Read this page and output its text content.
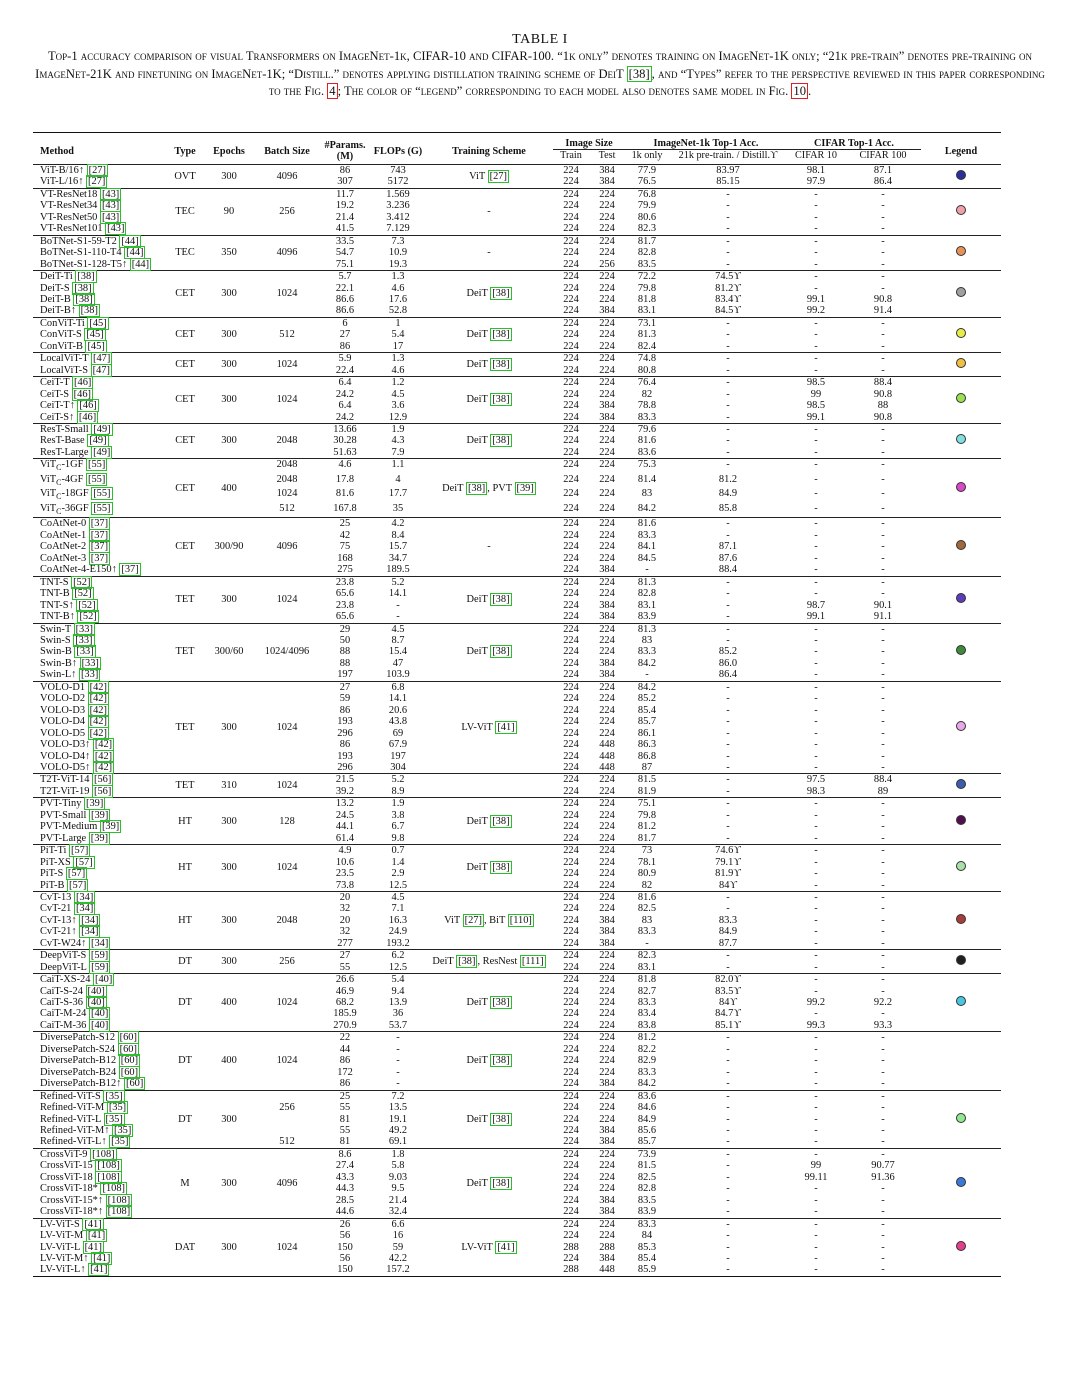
TABLE I
Top-1 accuracy comparison of visual Transformers on ImageNet-1k, CIFAR-10 and CIFAR-100. “1k only” denotes training on ImageNet-1K only; “21k pre-train” denotes pre-training on ImageNet-21K and finetuning on ImageNet-1K; “Distill.” denotes applying distillation training scheme of DeiT [38] , and “Types” refer to the perspective reviewed in this paper corresponding to the Fig. 4 ; The color of “legend” corresponding to each model also denotes same model in Fig. 10 .
Method	Type	Epochs	Batch Size	#Params. (M)	FLOPs (G)	Training Scheme	Image Size		ImageNet-1k Top-1 Acc.		CIFAR Top-1 Acc.		Legend
							Train	Test	1k only	21k pre-train. / Distill.ϒ	CIFAR 10	CIFAR 100	
ViT-B/16↑ [27]	OVT	300	4096	86	743	ViT [27]	224	384	77.9	83.97	98.1	87.1	
ViT-L/16↑ [27]				307	5172		224	384	76.5	85.15	97.9	86.4	
VT-ResNet18 [43]	TEC	90	256	11.7	1.569	-	224	224	76.8	-	-	-	
VT-ResNet34 [43]				19.2	3.236		224	224	79.9	-	-	-	
VT-ResNet50 [43]				21.4	3.412		224	224	80.6	-	-	-	
VT-ResNet101 [43]				41.5	7.129		224	224	82.3	-	-	-	
BoTNet-S1-59-T2 [44]	TEC	350	4096	33.5	7.3	-	224	224	81.7	-	-	-	
BoTNet-S1-110-T4 [44]				54.7	10.9		224	224	82.8	-	-	-	
BoTNet-S1-128-T5↑ [44]				75.1	19.3		224	256	83.5	-	-	-	
DeiT-Ti [38]	CET	300	1024	5.7	1.3	DeiT [38]	224	224	72.2	74.5ϒ	-	-	
DeiT-S [38]				22.1	4.6		224	224	79.8	81.2ϒ	-	-	
DeiT-B [38]				86.6	17.6		224	224	81.8	83.4ϒ	99.1	90.8	
DeiT-B↑ [38]				86.6	52.8		224	384	83.1	84.5ϒ	99.2	91.4	
ConViT-Ti [45]	CET	300	512	6	1	DeiT [38]	224	224	73.1	-	-	-	
ConViT-S [45]				27	5.4		224	224	81.3	-	-	-	
ConViT-B [45]				86	17		224	224	82.4	-	-	-	
LocalViT-T [47]	CET	300	1024	5.9	1.3	DeiT [38]	224	224	74.8	-	-	-	
LocalViT-S [47]				22.4	4.6		224	224	80.8	-	-	-	
CeiT-T [46]	CET	300	1024	6.4	1.2	DeiT [38]	224	224	76.4	-	98.5	88.4	
CeiT-S [46]				24.2	4.5		224	224	82	-	99	90.8	
CeiT-T↑ [46]				6.4	3.6		224	384	78.8	-	98.5	88	
CeiT-S↑ [46]				24.2	12.9		224	384	83.3	-	99.1	90.8	
ResT-Small [49]	CET	300	2048	13.66	1.9	DeiT [38]	224	224	79.6	-	-	-	
ResT-Base [49]				30.28	4.3		224	224	81.6	-	-	-	
ResT-Large [49]				51.63	7.9		224	224	83.6	-	-	-	
ViT$_C$-1GF [55]	CET	400	2048	4.6	1.1	DeiT [38] , PVT [39]	224	224	75.3	-	-	-	
ViT$_C$-4GF [55]			2048	17.8	4		224	224	81.4	81.2	-	-	
ViT$_C$-18GF [55]			1024	81.6	17.7		224	224	83	84.9	-	-	
ViT$_C$-36GF [55]			512	167.8	35		224	224	84.2	85.8	-	-	
CoAtNet-0 [37]	CET	300/90	4096	25	4.2	-	224	224	81.6	-	-	-	
CoAtNet-1 [37]				42	8.4		224	224	83.3	-	-	-	
CoAtNet-2 [37]				75	15.7		224	224	84.1	87.1	-	-	
CoAtNet-3 [37]				168	34.7		224	224	84.5	87.6	-	-	
CoAtNet-4-E150↑ [37]				275	189.5		224	384	-	88.4	-	-	
TNT-S [52]	TET	300	1024	23.8	5.2	DeiT [38]	224	224	81.3	-	-	-	
TNT-B [52]				65.6	14.1		224	224	82.8	-	-	-	
TNT-S↑ [52]				23.8	-		224	384	83.1	-	98.7	90.1	
TNT-B↑ [52]				65.6	-		224	384	83.9	-	99.1	91.1	
Swin-T [33]	TET	300/60	1024/4096	29	4.5	DeiT [38]	224	224	81.3	-	-	-	
Swin-S [33]				50	8.7		224	224	83	-	-	-	
Swin-B [33]				88	15.4		224	224	83.3	85.2	-	-	
Swin-B↑ [33]				88	47		224	384	84.2	86.0	-	-	
Swin-L↑ [33]				197	103.9		224	384	-	86.4	-	-	
VOLO-D1 [42]	TET	300	1024	27	6.8	LV-ViT [41]	224	224	84.2	-	-	-	
VOLO-D2 [42]				59	14.1		224	224	85.2	-	-	-	
VOLO-D3 [42]				86	20.6		224	224	85.4	-	-	-	
VOLO-D4 [42]				193	43.8		224	224	85.7	-	-	-	
VOLO-D5 [42]				296	69		224	224	86.1	-	-	-	
VOLO-D3↑ [42]				86	67.9		224	448	86.3	-	-	-	
VOLO-D4↑ [42]				193	197		224	448	86.8	-	-	-	
VOLO-D5↑ [42]				296	304		224	448	87	-	-	-	
T2T-ViT-14 [56]	TET	310	1024	21.5	5.2		224	224	81.5	-	97.5	88.4	
T2T-ViT-19 [56]				39.2	8.9		224	224	81.9	-	98.3	89	
PVT-Tiny [39]	HT	300	128	13.2	1.9	DeiT [38]	224	224	75.1	-	-	-	
PVT-Small [39]				24.5	3.8		224	224	79.8	-	-	-	
PVT-Medium [39]				44.1	6.7		224	224	81.2	-	-	-	
PVT-Large [39]				61.4	9.8		224	224	81.7	-	-	-	
PiT-Ti [57]	HT	300	1024	4.9	0.7	DeiT [38]	224	224	73	74.6ϒ	-	-	
PiT-XS [57]				10.6	1.4		224	224	78.1	79.1ϒ	-	-	
PiT-S [57]				23.5	2.9		224	224	80.9	81.9ϒ	-	-	
PiT-B [57]				73.8	12.5		224	224	82	84ϒ	-	-	
CvT-13 [34]	HT	300	2048	20	4.5	ViT [27] , BiT [110]	224	224	81.6	-	-	-	
CvT-21 [34]				32	7.1		224	224	82.5	-	-	-	
CvT-13↑ [34]				20	16.3		224	384	83	83.3	-	-	
CvT-21↑ [34]				32	24.9		224	384	83.3	84.9	-	-	
CvT-W24↑ [34]				277	193.2		224	384	-	87.7	-	-	
DeepViT-S [59]	DT	300	256	27	6.2	DeiT [38] , ResNest [111]	224	224	82.3	-	-	-	
DeepViT-L [59]				55	12.5		224	224	83.1	-	-	-	
CaiT-XS-24 [40]	DT	400	1024	26.6	5.4	DeiT [38]	224	224	81.8	82.0ϒ	-	-	
CaiT-S-24 [40]				46.9	9.4		224	224	82.7	83.5ϒ	-	-	
CaiT-S-36 [40]				68.2	13.9		224	224	83.3	84ϒ	99.2	92.2	
CaiT-M-24 [40]				185.9	36		224	224	83.4	84.7ϒ	-	-	
CaiT-M-36 [40]				270.9	53.7		224	224	83.8	85.1ϒ	99.3	93.3	
DiversePatch-S12 [60]	DT	400	1024	22	-	DeiT [38]	224	224	81.2	-	-	-	
DiversePatch-S24 [60]				44	-		224	224	82.2	-	-	-	
DiversePatch-B12 [60]				86	-		224	224	82.9	-	-	-	
DiversePatch-B24 [60]				172	-		224	224	83.3	-	-	-	
DiversePatch-B12↑ [60]				86	-		224	384	84.2	-	-	-	
Refined-ViT-S [35]	DT	300		25	7.2	DeiT [38]	224	224	83.6	-	-	-	
Refined-ViT-M [35]			256	55	13.5		224	224	84.6	-	-	-	
Refined-ViT-L [35]				81	19.1		224	224	84.9	-	-	-	
Refined-ViT-M↑ [35]				55	49.2		224	384	85.6	-	-	-	
Refined-ViT-L↑ [35]			512	81	69.1		224	384	85.7	-	-	-	
CrossViT-9 [108]	M	300	4096	8.6	1.8	DeiT [38]	224	224	73.9	-	-	-	
CrossViT-15 [108]				27.4	5.8		224	224	81.5	-	99	90.77	
CrossViT-18 [108]				43.3	9.03		224	224	82.5	-	99.11	91.36	
CrossViT-18* [108]				44.3	9.5		224	224	82.8	-	-	-	
CrossViT-15*↑ [108]				28.5	21.4		224	384	83.5	-	-	-	
CrossViT-18*↑ [108]				44.6	32.4		224	384	83.9	-	-	-	
LV-ViT-S [41]	DAT	300	1024	26	6.6	LV-ViT [41]	224	224	83.3	-	-	-	
LV-ViT-M [41]				56	16		224	224	84	-	-	-	
LV-ViT-L [41]				150	59		288	288	85.3	-	-	-	
LV-ViT-M↑ [41]				56	42.2		224	384	85.4	-	-	-	
LV-ViT-L↑ [41]				150	157.2		288	448	85.9	-	-	-	
